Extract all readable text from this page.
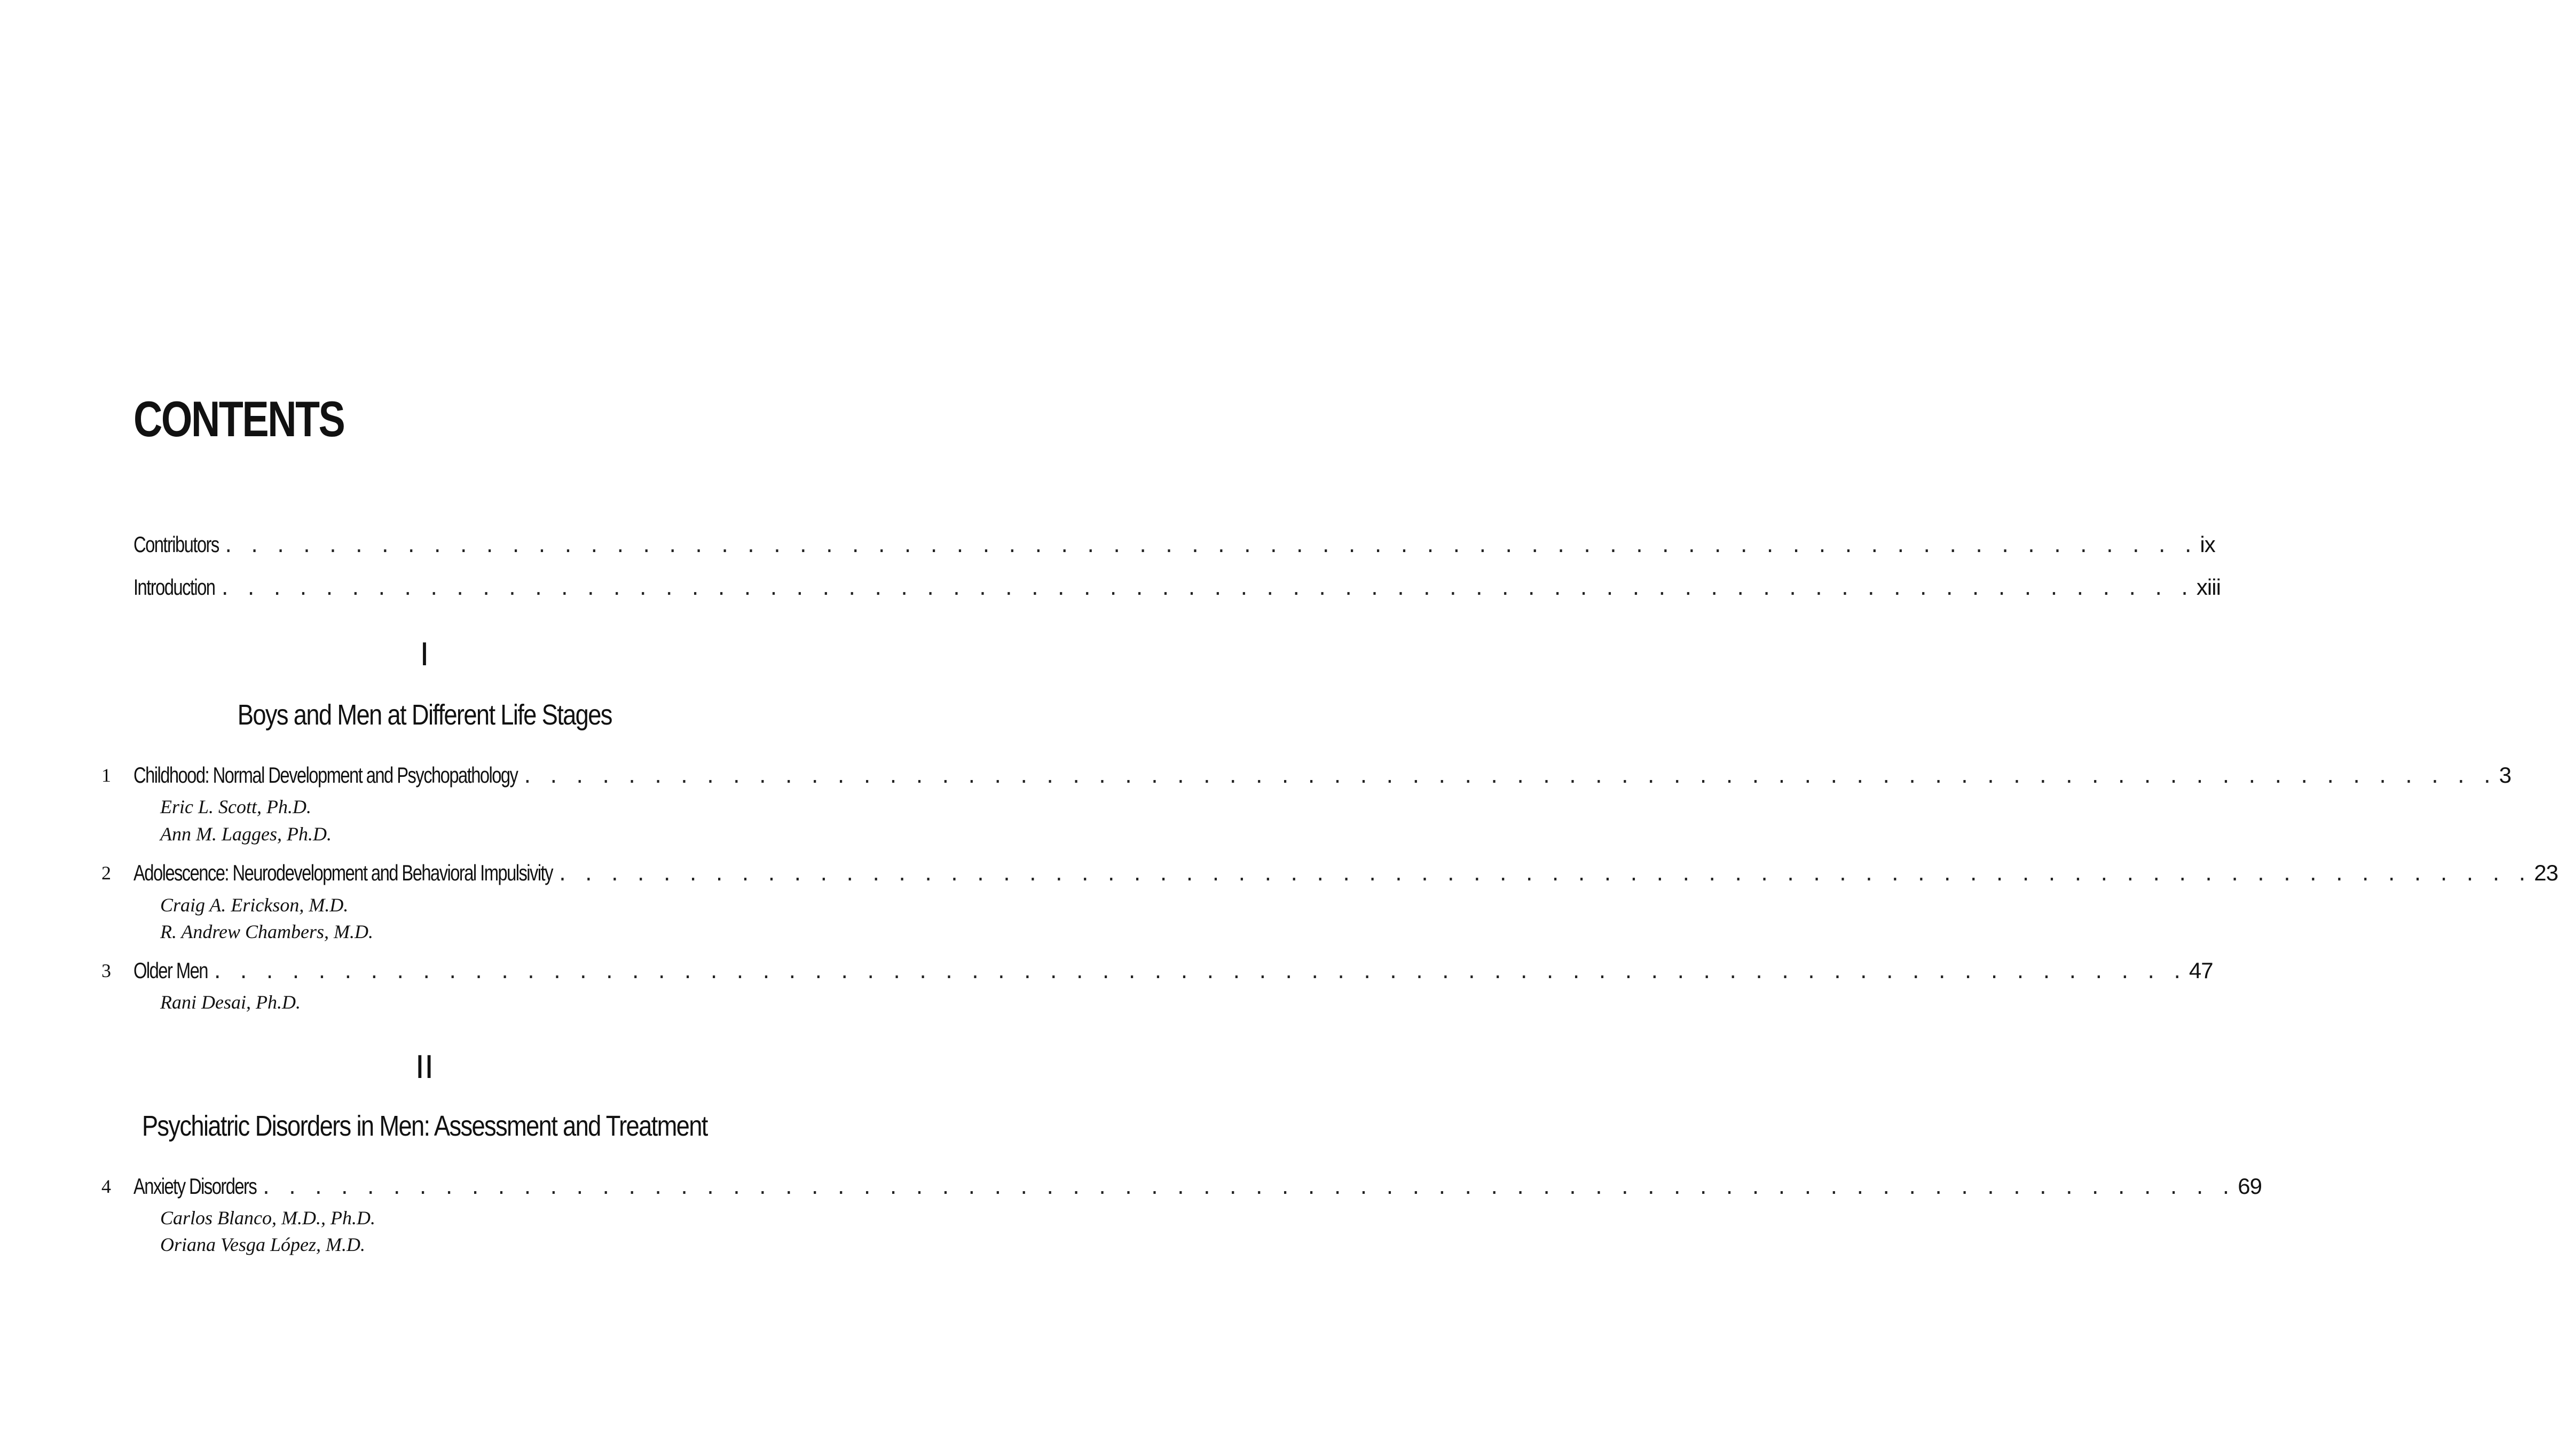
CONTENTS
Contributors . . . . . . . . . . . . . . . . . . . . . . . . . . . . . . . . . . . . . . . . . . . . . . . . . . . . . . . . . . . . . . . . . . . . . . . . . . . . ix
Introduction . . . . . . . . . . . . . . . . . . . . . . . . . . . . . . . . . . . . . . . . . . . . . . . . . . . . . . . . . . . . . . . . . . . . . . . . . . . . xiii
I
Boys and Men at Different Life Stages
1 Childhood: Normal Development and Psychopathology . . . . . . . . . . . . . . . . . . . . . . . . . . . . . . . . . . . . . . . . . . . . . . . . . . . . . . . . . . . . . . . . . . . . . . . . . . . . 3
Eric L. Scott, Ph.D.
Ann M. Lagges, Ph.D.
2 Adolescence: Neurodevelopment and Behavioral Impulsivity . . . . . . . . . . . . . . . . . . . . . . . . . . . . . . . . . . . . . . . . . . . . . . . . . . . . . . . . . . . . . . . . . . . . . . . . . . . . 23
Craig A. Erickson, M.D.
R. Andrew Chambers, M.D.
3 Older Men . . . . . . . . . . . . . . . . . . . . . . . . . . . . . . . . . . . . . . . . . . . . . . . . . . . . . . . . . . . . . . . . . . . . . . . . . . . . 47
Rani Desai, Ph.D.
II
Psychiatric Disorders in Men: Assessment and Treatment
4 Anxiety Disorders . . . . . . . . . . . . . . . . . . . . . . . . . . . . . . . . . . . . . . . . . . . . . . . . . . . . . . . . . . . . . . . . . . . . . . . . . . . . 69
Carlos Blanco, M.D., Ph.D.
Oriana Vesga López, M.D.
